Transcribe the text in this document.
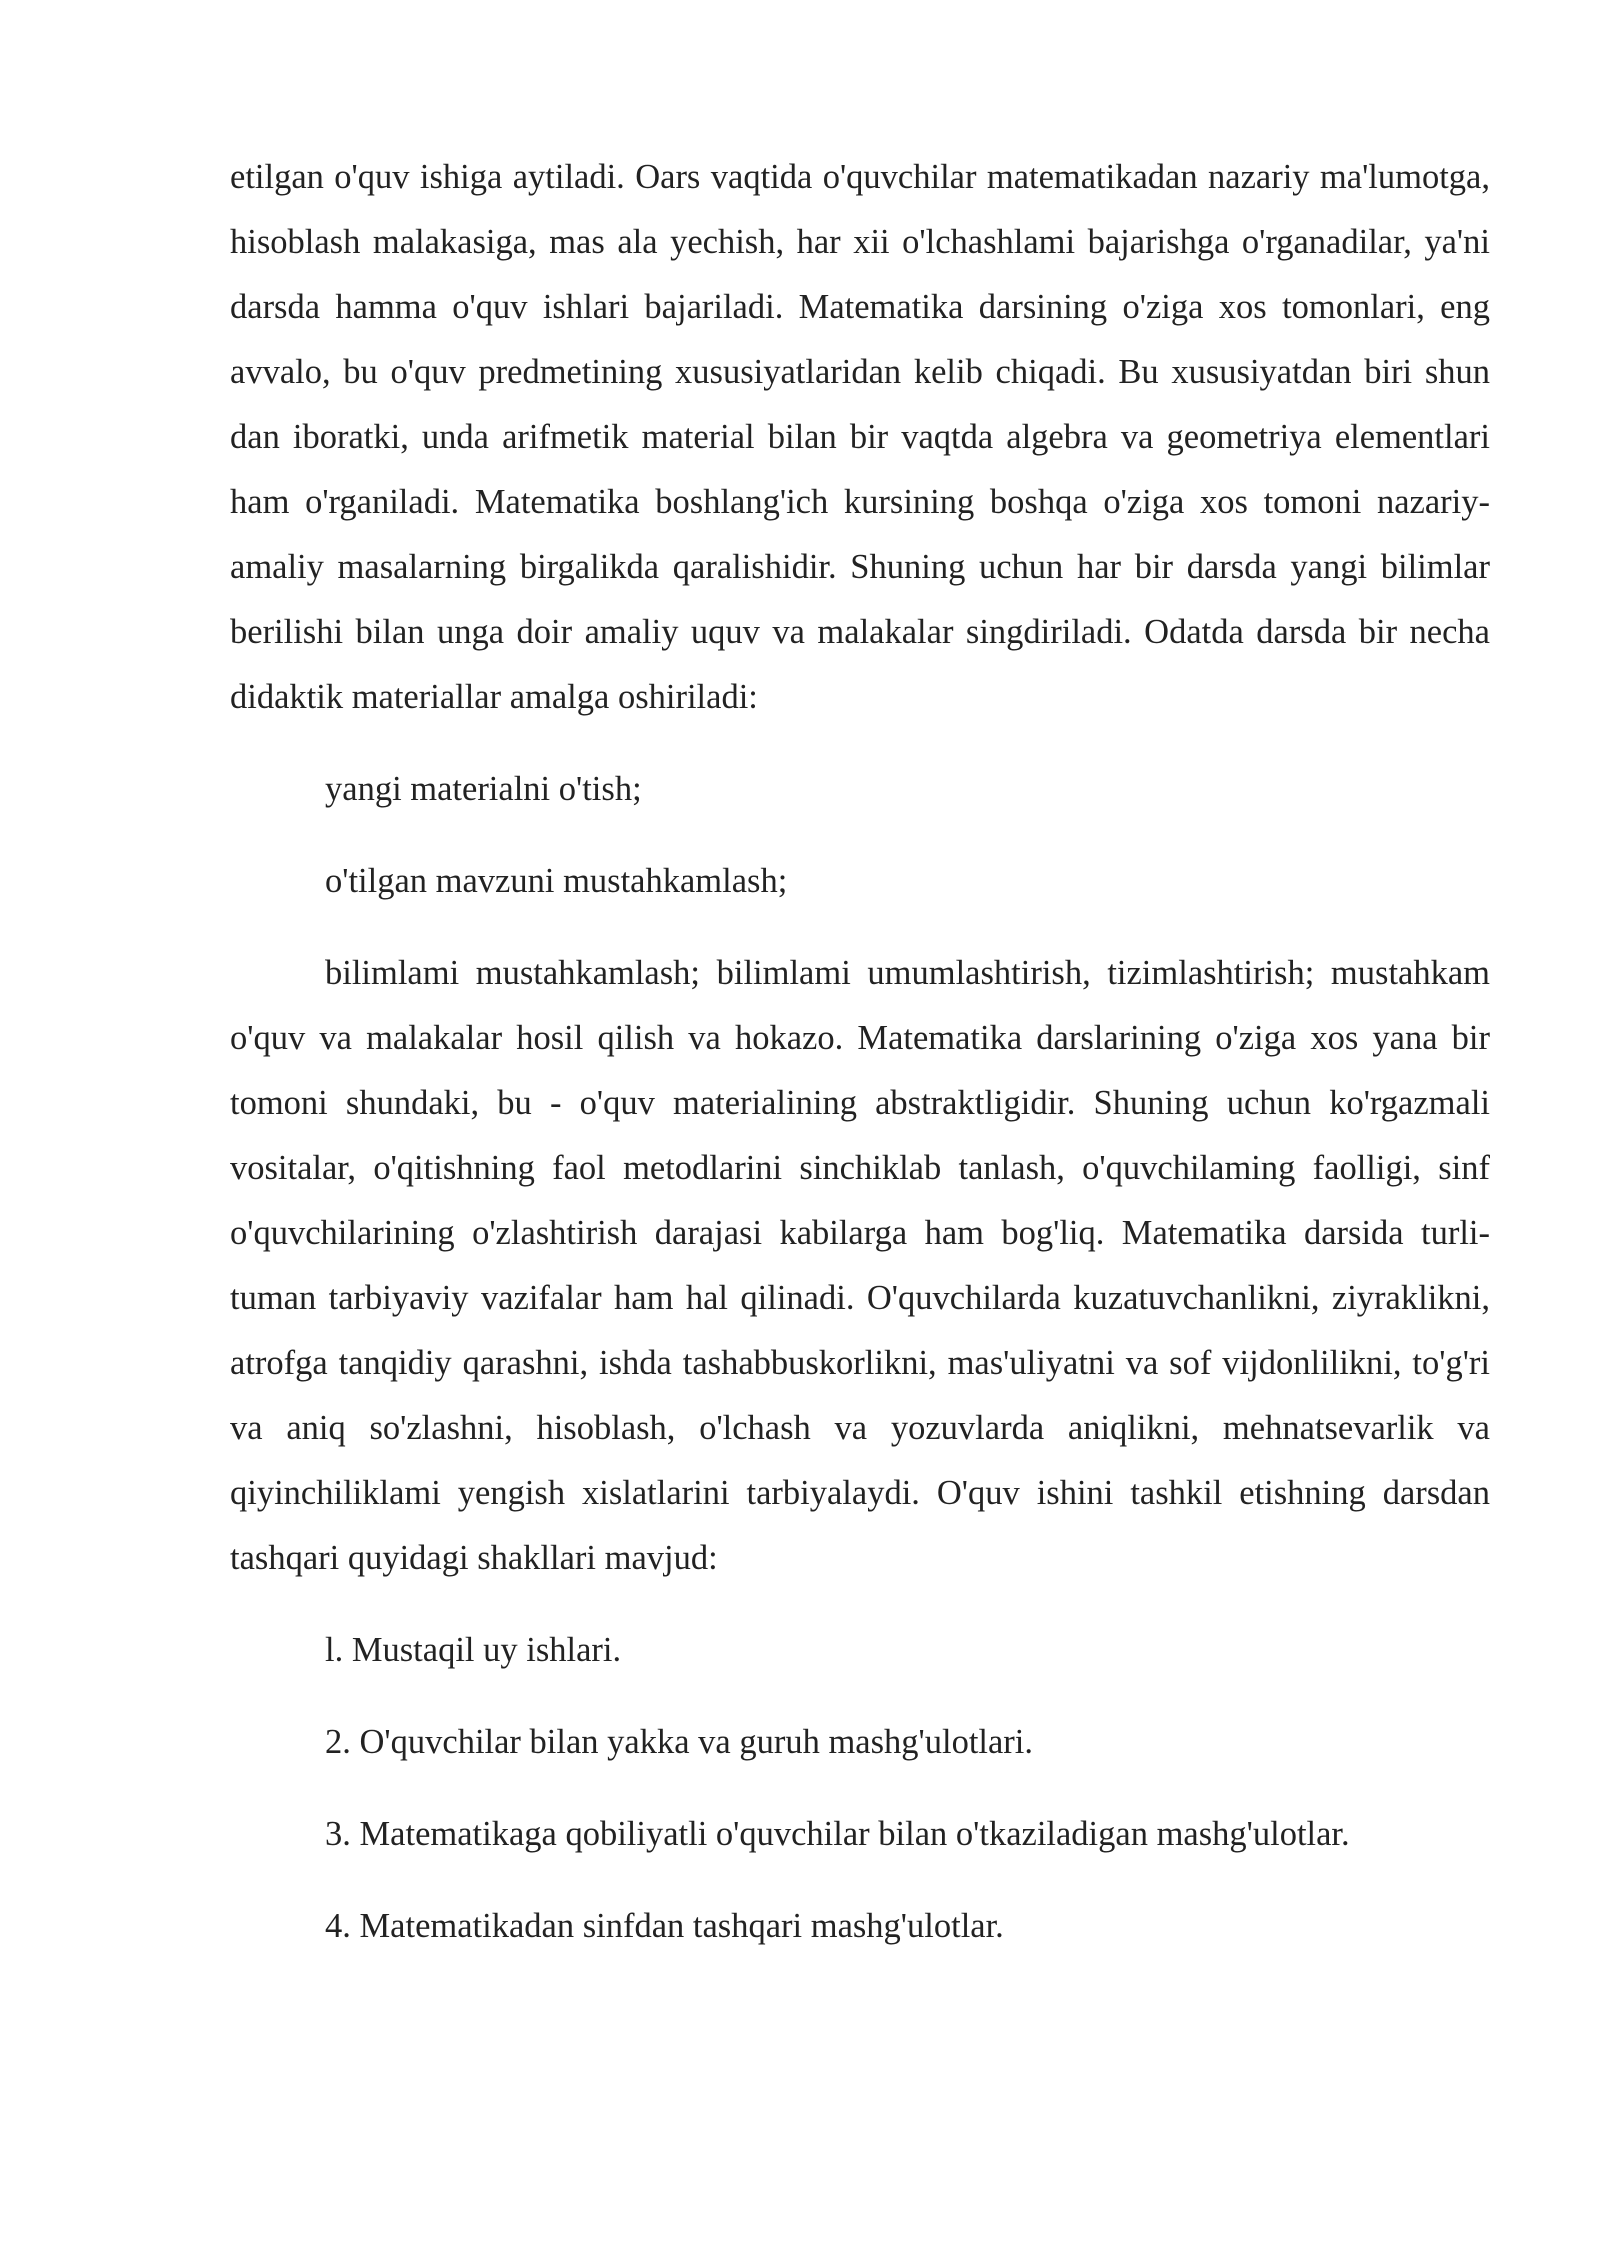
etilgan o'quv ishiga aytiladi. Oars vaqtida o'quvchilar matematikadan nazariy ma'lumotga, hisoblash malakasiga, mas ala yechish, har xii o'lchashlami bajarishga o'rganadilar, ya'ni darsda hamma o'quv ishlari bajariladi. Matematika darsining o'ziga xos tomonlari, eng avvalo, bu o'quv predmetining xususiyatlaridan kelib chiqadi. Bu xususiyatdan biri shun dan iboratki, unda arifmetik material bilan bir vaqtda algebra va geometriya elementlari ham o'rganiladi. Matematika boshlang'ich kursining boshqa o'ziga xos tomoni nazariy-amaliy masalarning birgalikda qaralishidir. Shuning uchun har bir darsda yangi bilimlar berilishi bilan unga doir amaliy uquv va malakalar singdiriladi. Odatda darsda bir necha didaktik materiallar amalga oshiriladi:

yangi materialni o'tish;

o'tilgan mavzuni mustahkamlash;

bilimlami mustahkamlash; bilimlami umumlashtirish, tizimlashtirish; mustahkam o'quv va malakalar hosil qilish va hokazo. Matematika darslarining o'ziga xos yana bir tomoni shundaki, bu - o'quv materialining abstraktligidir. Shuning uchun ko'rgazmali vositalar, o'qitishning faol metodlarini sinchiklab tanlash, o'quvchilaming faolligi, sinf o'quvchilarining o'zlashtirish darajasi kabilarga ham bog'liq. Matematika darsida turli-tuman tarbiyaviy vazifalar ham hal qilinadi. O'quvchilarda kuzatuvchanlikni, ziyraklikni, atrofga tanqidiy qarashni, ishda tashabbuskorlikni, mas'uliyatni va sof vijdonlilikni, to'g'ri va aniq so'zlashni, hisoblash, o'lchash va yozuvlarda aniqlikni, mehnatsevarlik va qiyinchiliklami yengish xislatlarini tarbiyalaydi. O'quv ishini tashkil etishning darsdan tashqari quyidagi shakllari mavjud:

l. Mustaqil uy ishlari.

2. O'quvchilar bilan yakka va guruh mashg'ulotlari.

3. Matematikaga qobiliyatli o'quvchilar bilan o'tkaziladigan mashg'ulotlar.

4. Matematikadan sinfdan tashqari mashg'ulotlar.
